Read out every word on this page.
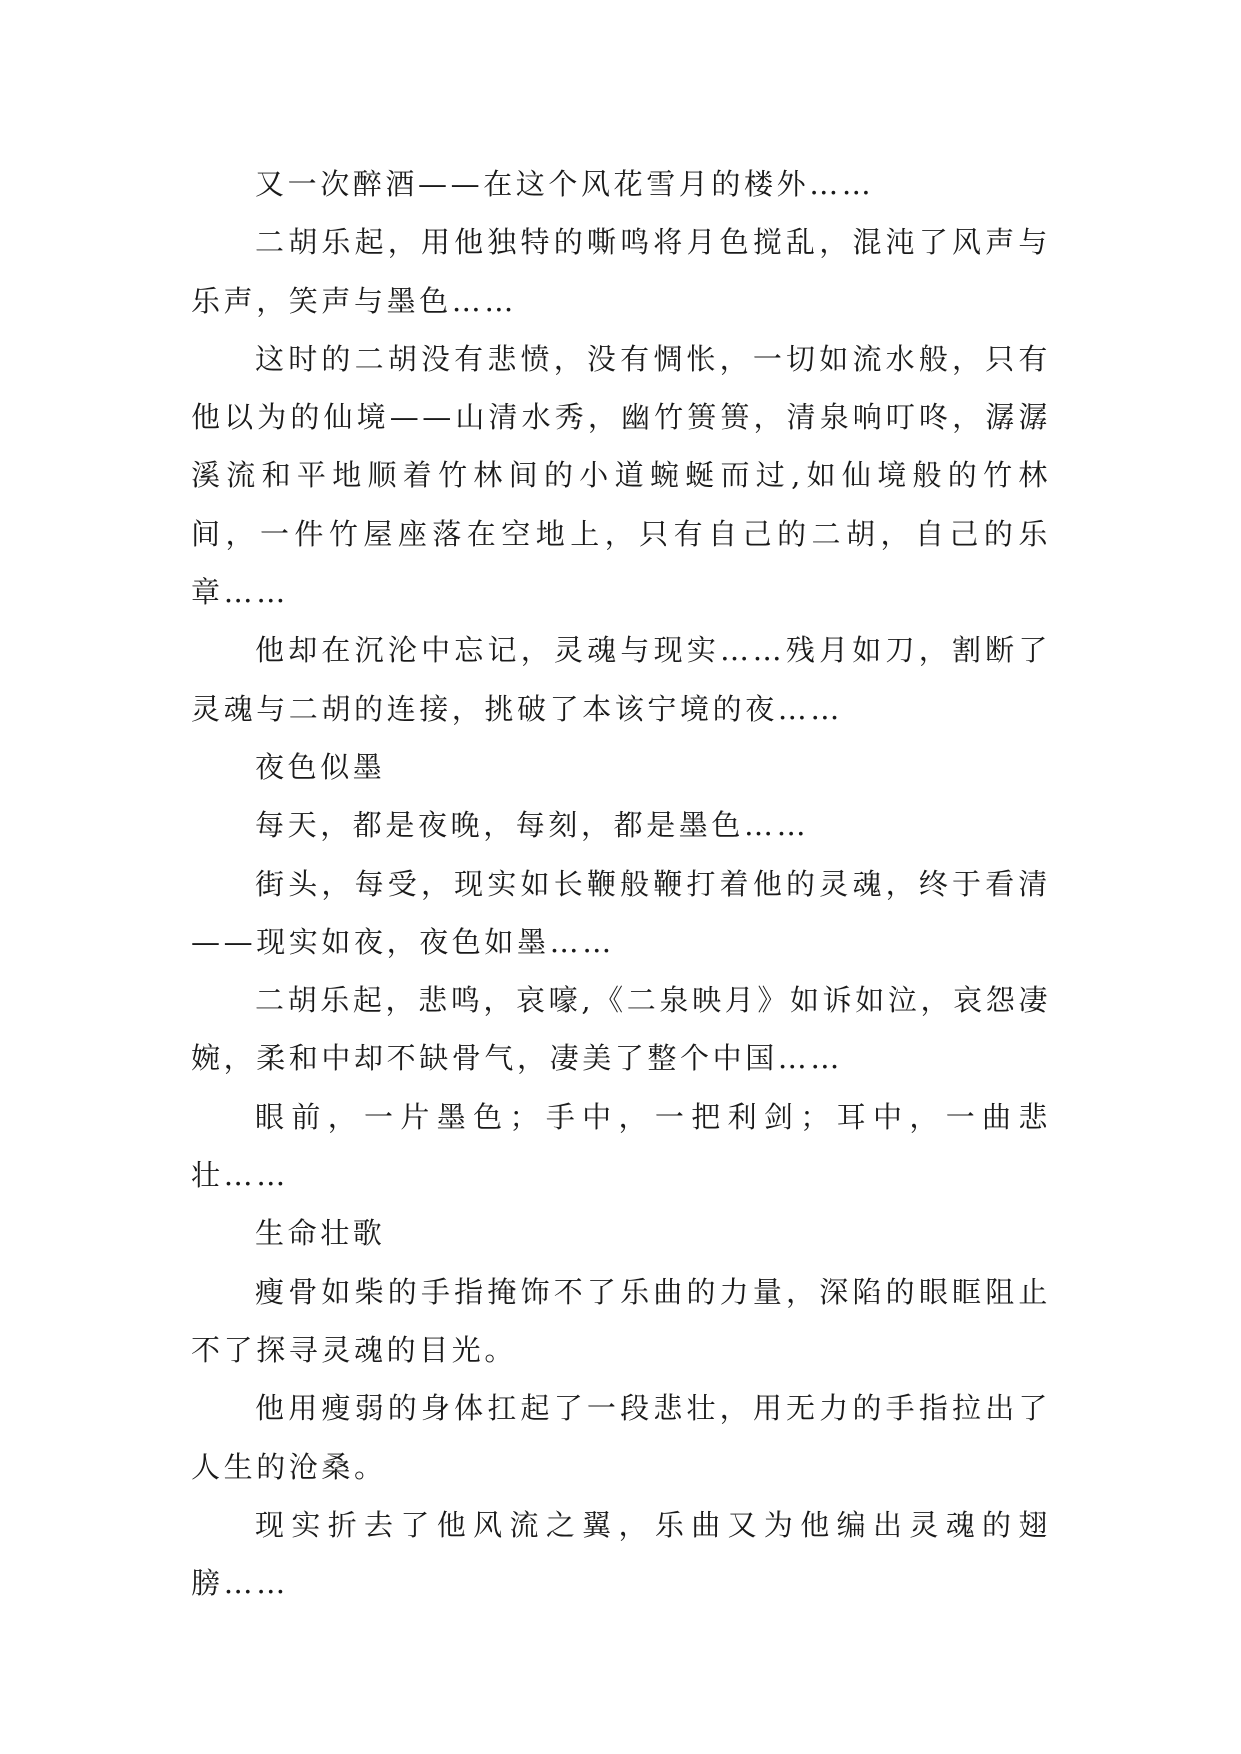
又一次醉酒——在这个风花雪月的楼外……

二胡乐起，用他独特的嘶鸣将月色搅乱，混沌了风声与乐声，笑声与墨色……

这时的二胡没有悲愤，没有惆怅，一切如流水般，只有他以为的仙境——山清水秀，幽竹篑篑，清泉响叮咚，潺潺溪流和平地顺着竹林间的小道蜿蜒而过,如仙境般的竹林间，一件竹屋座落在空地上，只有自己的二胡，自己的乐章……

他却在沉沦中忘记，灵魂与现实……残月如刀，割断了灵魂与二胡的连接，挑破了本该宁境的夜……

夜色似墨

每天，都是夜晚，每刻，都是墨色……

街头，每受，现实如长鞭般鞭打着他的灵魂，终于看清——现实如夜，夜色如墨……

二胡乐起，悲鸣，哀嚎,《二泉映月》如诉如泣，哀怨凄婉，柔和中却不缺骨气，凄美了整个中国……

眼前，一片墨色；手中，一把利剑；耳中，一曲悲壮……

生命壮歌

瘦骨如柴的手指掩饰不了乐曲的力量，深陷的眼眶阻止不了探寻灵魂的目光。

他用瘦弱的身体扛起了一段悲壮，用无力的手指拉出了人生的沧桑。

现实折去了他风流之翼，乐曲又为他编出灵魂的翅膀……
